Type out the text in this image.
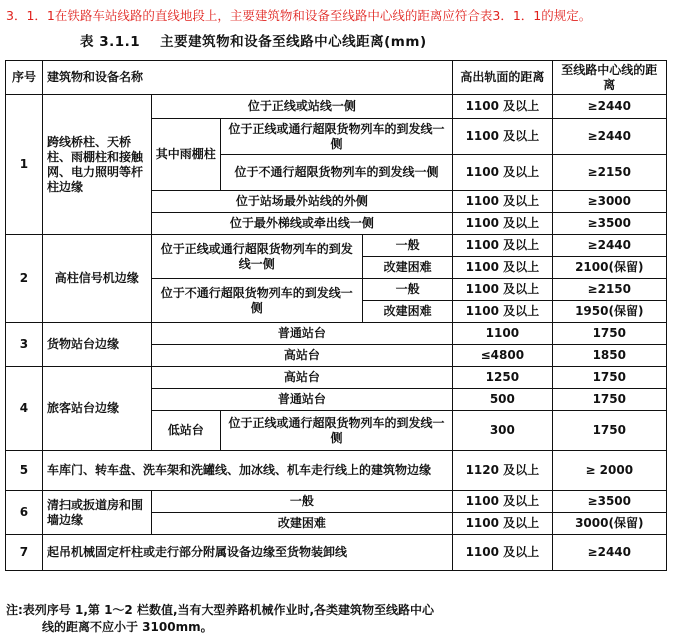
3．1．1在铁路车站线路的直线地段上，主要建筑物和设备至线路中心线的距离应符合表3．1．1的规定。
表 3.1.1 主要建筑物和设备至线路中心线距离(mm)
序号	建筑物和设备名称				高出轨面的距离	至线路中心线的距离
1	跨线桥柱、天桥柱、雨棚柱和接触网、电力照明等杆柱边缘	位于正线或站线一侧			1100 及以上	≥2440
		其中雨棚柱	位于正线或通行超限货物列车的到发线一侧		1100 及以上	≥2440
			位于不通行超限货物列车的到发线一侧		1100 及以上	≥2150
		位于站场最外站线的外侧			1100 及以上	≥3000
		位于最外梯线或牵出线一侧			1100 及以上	≥3500
2	高柱信号机边缘	位于正线或通行超限货物列车的到发线一侧		一般	1100 及以上	≥2440
				改建困难	1100 及以上	2100(保留)
		位于不通行超限货物列车的到发线一侧		一般	1100 及以上	≥2150
				改建困难	1100 及以上	1950(保留)
3	货物站台边缘	普通站台			1100	1750
		高站台			≤4800	1850
4	旅客站台边缘	高站台			1250	1750
		普通站台			500	1750
		低站台	位于正线或通行超限货物列车的到发线一侧		300	1750
5	车库门、转车盘、洗车架和洗罐线、加冰线、机车走行线上的建筑物边缘				1120 及以上	≥ 2000
6	清扫或扳道房和围墙边缘	一般			1100 及以上	≥3500
		改建困难			1100 及以上	3000(保留)
7	起吊机械固定杆柱或走行部分附属设备边缘至货物装卸线				1100 及以上	≥2440
注:表列序号 1,第 1～2 栏数值,当有大型养路机械作业时,各类建筑物至线路中心
线的距离不应小于 3100mm。
